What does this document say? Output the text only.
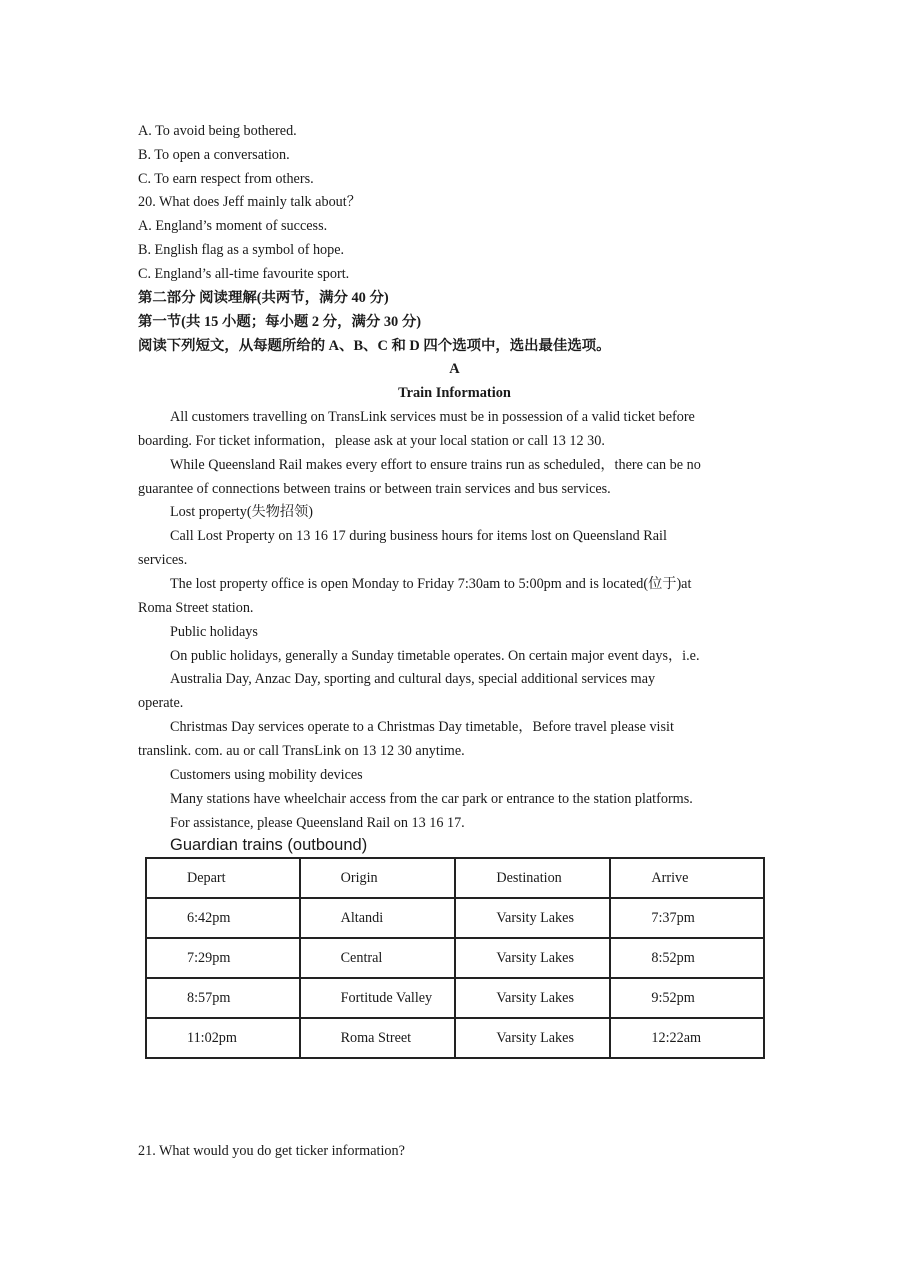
A. To avoid being bothered.
B. To open a conversation.
C. To earn respect from others.
20. What does Jeff mainly talk about？
A. England’s moment of success.
B. English flag as a symbol of hope.
C. England’s all-time favourite sport.
第二部分 阅读理解(共两节，满分 40 分)
第一节(共 15 小题；每小题 2 分，满分 30 分)
阅读下列短文，从每题所给的 A、B、C 和 D 四个选项中，选出最佳选项。
A
Train Information
All customers travelling on TransLink services must be in possession of a valid ticket before
boarding. For ticket information，please ask at your local station or call 13 12 30.
While Queensland Rail makes every effort to ensure trains run as scheduled，there can be no
guarantee of connections between trains or between train services and bus services.
Lost property(失物招领)
Call Lost Property on 13 16 17 during business hours for items lost on Queensland Rail
services.
The lost property office is open Monday to Friday 7:30am to 5:00pm and is located(位于)at
Roma Street station.
Public holidays
On public holidays, generally a Sunday timetable operates. On certain major event days，i.e.
Australia Day, Anzac Day, sporting and cultural days, special additional services may
operate.
Christmas Day services operate to a Christmas Day timetable，Before travel please visit
translink. com. au or call TransLink on 13 12 30 anytime.
Customers using mobility devices
Many stations have wheelchair access from the car park or entrance to the station platforms.
For assistance, please Queensland Rail on 13 16 17.
Guardian trains (outbound)
Depart	Origin	Destination	Arrive
6:42pm	Altandi	Varsity Lakes	7:37pm
7:29pm	Central	Varsity Lakes	8:52pm
8:57pm	Fortitude Valley	Varsity Lakes	9:52pm
11:02pm	Roma Street	Varsity Lakes	12:22am
21. What would you do get ticker information?
